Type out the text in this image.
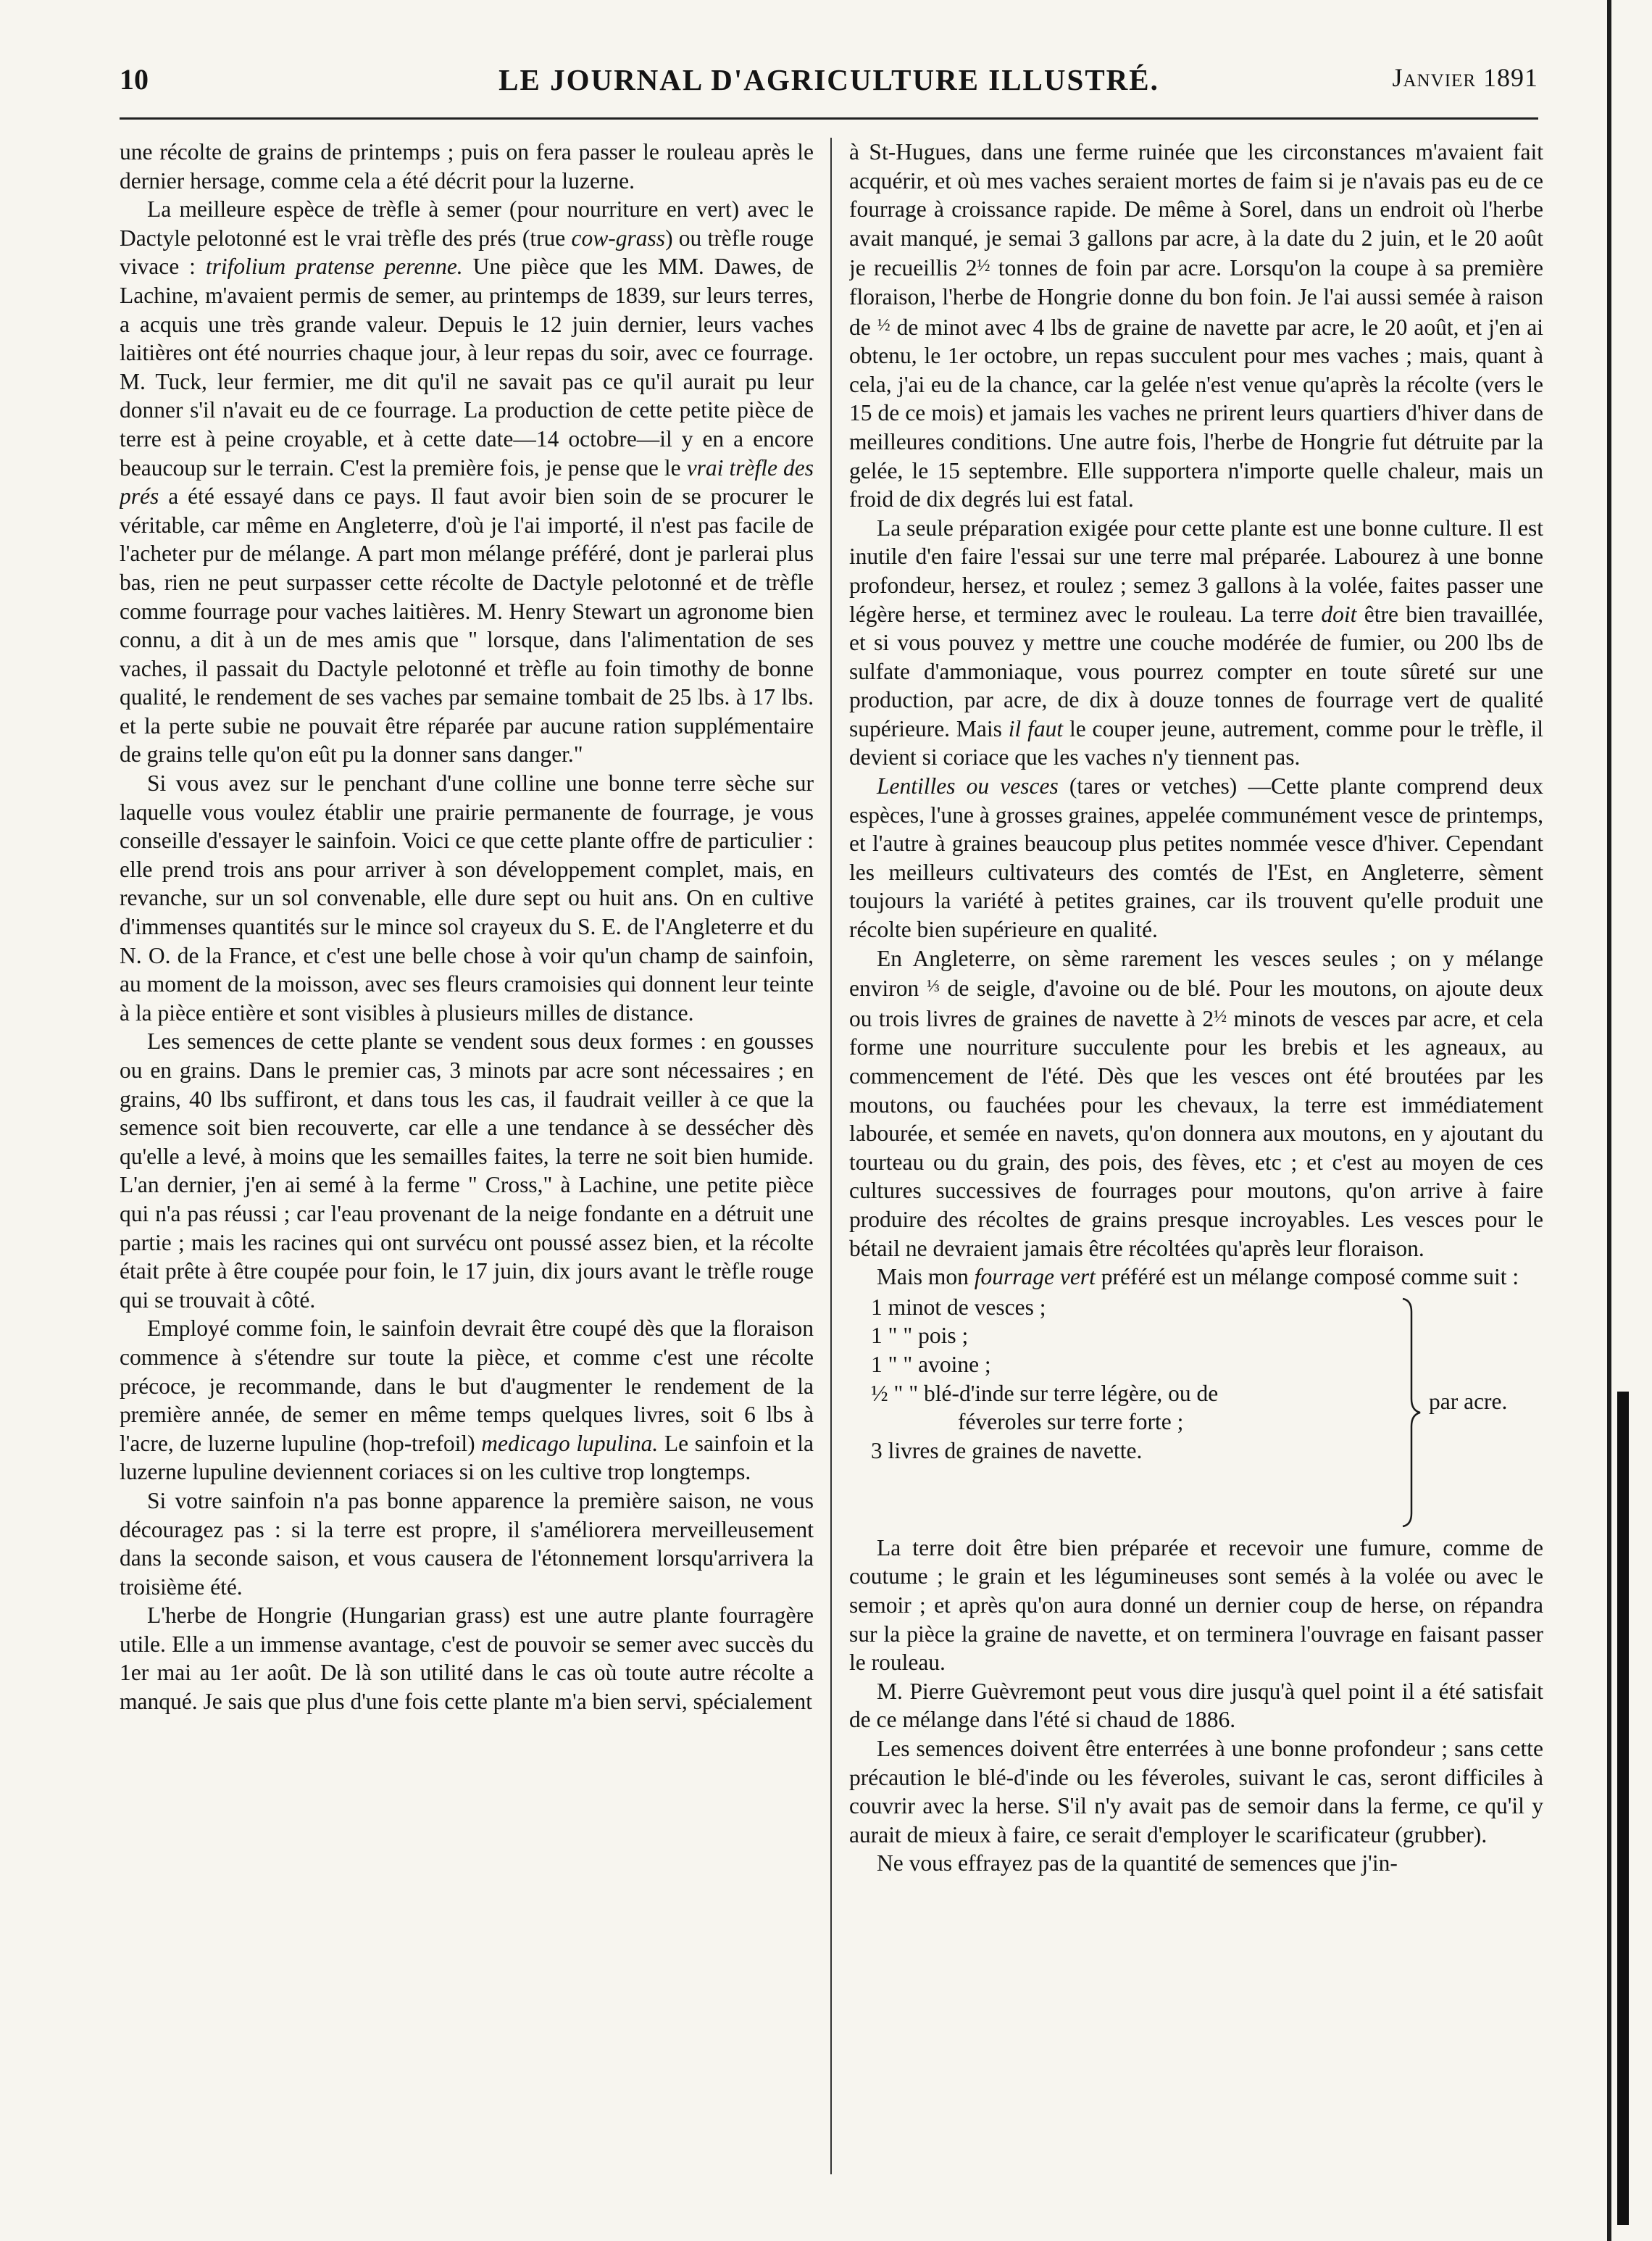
10	LE JOURNAL D'AGRICULTURE ILLUSTRÉ.	Janvier 1891

une récolte de grains de printemps ; puis on fera passer le rouleau après le dernier hersage, comme cela a été décrit pour la luzerne.

La meilleure espèce de trèfle à semer (pour nourriture en vert) avec le Dactyle pelotonné est le vrai trèfle des prés (true cow-grass) ou trèfle rouge vivace : trifolium pratense perenne. Une pièce que les MM. Dawes, de Lachine, m'avaient permis de semer, au printemps de 1839, sur leurs terres, a acquis une très grande valeur. Depuis le 12 juin dernier, leurs vaches laitières ont été nourries chaque jour, à leur repas du soir, avec ce fourrage. M. Tuck, leur fermier, me dit qu'il ne savait pas ce qu'il aurait pu leur donner s'il n'avait eu de ce fourrage. La production de cette petite pièce de terre est à peine croyable, et à cette date—14 octobre—il y en a encore beaucoup sur le terrain. C'est la première fois, je pense que le vrai trèfle des prés a été essayé dans ce pays. Il faut avoir bien soin de se procurer le véritable, car même en Angleterre, d'où je l'ai importé, il n'est pas facile de l'acheter pur de mélange. A part mon mélange préféré, dont je parlerai plus bas, rien ne peut surpasser cette récolte de Dactyle pelotonné et de trèfle comme fourrage pour vaches laitières. M. Henry Stewart un agronome bien connu, a dit à un de mes amis que " lorsque, dans l'alimentation de ses vaches, il passait du Dactyle pelotonné et trèfle au foin timothy de bonne qualité, le rendement de ses vaches par semaine tombait de 25 lbs. à 17 lbs. et la perte subie ne pouvait être réparée par aucune ration supplémentaire de grains telle qu'on eût pu la donner sans danger."

Si vous avez sur le penchant d'une colline une bonne terre sèche sur laquelle vous voulez établir une prairie permanente de fourrage, je vous conseille d'essayer le sainfoin. Voici ce que cette plante offre de particulier : elle prend trois ans pour arriver à son développement complet, mais, en revanche, sur un sol convenable, elle dure sept ou huit ans. On en cultive d'immenses quantités sur le mince sol crayeux du S. E. de l'Angleterre et du N. O. de la France, et c'est une belle chose à voir qu'un champ de sainfoin, au moment de la moisson, avec ses fleurs cramoisies qui donnent leur teinte à la pièce entière et sont visibles à plusieurs milles de distance.

Les semences de cette plante se vendent sous deux formes : en gousses ou en grains. Dans le premier cas, 3 minots par acre sont nécessaires ; en grains, 40 lbs suffiront, et dans tous les cas, il faudrait veiller à ce que la semence soit bien recouverte, car elle a une tendance à se dessécher dès qu'elle a levé, à moins que les semailles faites, la terre ne soit bien humide. L'an dernier, j'en ai semé à la ferme " Cross," à Lachine, une petite pièce qui n'a pas réussi ; car l'eau provenant de la neige fondante en a détruit une partie ; mais les racines qui ont survécu ont poussé assez bien, et la récolte était prête à être coupée pour foin, le 17 juin, dix jours avant le trèfle rouge qui se trouvait à côté.

Employé comme foin, le sainfoin devrait être coupé dès que la floraison commence à s'étendre sur toute la pièce, et comme c'est une récolte précoce, je recommande, dans le but d'augmenter le rendement de la première année, de semer en même temps quelques livres, soit 6 lbs à l'acre, de luzerne lupuline (hop-trefoil) medicago lupulina. Le sainfoin et la luzerne lupuline deviennent coriaces si on les cultive trop longtemps.

Si votre sainfoin n'a pas bonne apparence la première saison, ne vous découragez pas : si la terre est propre, il s'améliorera merveilleusement dans la seconde saison, et vous causera de l'étonnement lorsqu'arrivera la troisième été.

L'herbe de Hongrie (Hungarian grass) est une autre plante fourragère utile. Elle a un immense avantage, c'est de pouvoir se semer avec succès du 1er mai au 1er août. De là son utilité dans le cas où toute autre récolte a manqué. Je sais que plus d'une fois cette plante m'a bien servi, spécialement

à St-Hugues, dans une ferme ruinée que les circonstances m'avaient fait acquérir, et où mes vaches seraient mortes de faim si je n'avais pas eu de ce fourrage à croissance rapide. De même à Sorel, dans un endroit où l'herbe avait manqué, je semai 3 gallons par acre, à la date du 2 juin, et le 20 août je recueillis 2½ tonnes de foin par acre. Lorsqu'on la coupe à sa première floraison, l'herbe de Hongrie donne du bon foin. Je l'ai aussi semée à raison de ½ de minot avec 4 lbs de graine de navette par acre, le 20 août, et j'en ai obtenu, le 1er octobre, un repas succulent pour mes vaches ; mais, quant à cela, j'ai eu de la chance, car la gelée n'est venue qu'après la récolte (vers le 15 de ce mois) et jamais les vaches ne prirent leurs quartiers d'hiver dans de meilleures conditions. Une autre fois, l'herbe de Hongrie fut détruite par la gelée, le 15 septembre. Elle supportera n'importe quelle chaleur, mais un froid de dix degrés lui est fatal.

La seule préparation exigée pour cette plante est une bonne culture. Il est inutile d'en faire l'essai sur une terre mal préparée. Labourez à une bonne profondeur, hersez, et roulez ; semez 3 gallons à la volée, faites passer une légère herse, et terminez avec le rouleau. La terre doit être bien travaillée, et si vous pouvez y mettre une couche modérée de fumier, ou 200 lbs de sulfate d'ammoniaque, vous pourrez compter en toute sûreté sur une production, par acre, de dix à douze tonnes de fourrage vert de qualité supérieure. Mais il faut le couper jeune, autrement, comme pour le trèfle, il devient si coriace que les vaches n'y tiennent pas.

Lentilles ou vesces (tares or vetches) —Cette plante comprend deux espèces, l'une à grosses graines, appelée communément vesce de printemps, et l'autre à graines beaucoup plus petites nommée vesce d'hiver. Cependant les meilleurs cultivateurs des comtés de l'Est, en Angleterre, sèment toujours la variété à petites graines, car ils trouvent qu'elle produit une récolte bien supérieure en qualité.

En Angleterre, on sème rarement les vesces seules ; on y mélange environ ⅓ de seigle, d'avoine ou de blé. Pour les moutons, on ajoute deux ou trois livres de graines de navette à 2½ minots de vesces par acre, et cela forme une nourriture succulente pour les brebis et les agneaux, au commencement de l'été. Dès que les vesces ont été broutées par les moutons, ou fauchées pour les chevaux, la terre est immédiatement labourée, et semée en navets, qu'on donnera aux moutons, en y ajoutant du tourteau ou du grain, des pois, des fèves, etc ; et c'est au moyen de ces cultures successives de fourrages pour moutons, qu'on arrive à faire produire des récoltes de grains presque incroyables. Les vesces pour le bétail ne devraient jamais être récoltées qu'après leur floraison.

Mais mon fourrage vert préféré est un mélange composé comme suit :

1 minot de vesces ;
1 " " pois ;
1 " " avoine ;
½ " " blé-d'inde sur terre légère, ou de
féveroles sur terre forte ;
3 livres de graines de navette.
par acre.

La terre doit être bien préparée et recevoir une fumure, comme de coutume ; le grain et les légumineuses sont semés à la volée ou avec le semoir ; et après qu'on aura donné un dernier coup de herse, on répandra sur la pièce la graine de navette, et on terminera l'ouvrage en faisant passer le rouleau.

M. Pierre Guèvremont peut vous dire jusqu'à quel point il a été satisfait de ce mélange dans l'été si chaud de 1886.

Les semences doivent être enterrées à une bonne profondeur ; sans cette précaution le blé-d'inde ou les féveroles, suivant le cas, seront difficiles à couvrir avec la herse. S'il n'y avait pas de semoir dans la ferme, ce qu'il y aurait de mieux à faire, ce serait d'employer le scarificateur (grubber).

Ne vous effrayez pas de la quantité de semences que j'in-
